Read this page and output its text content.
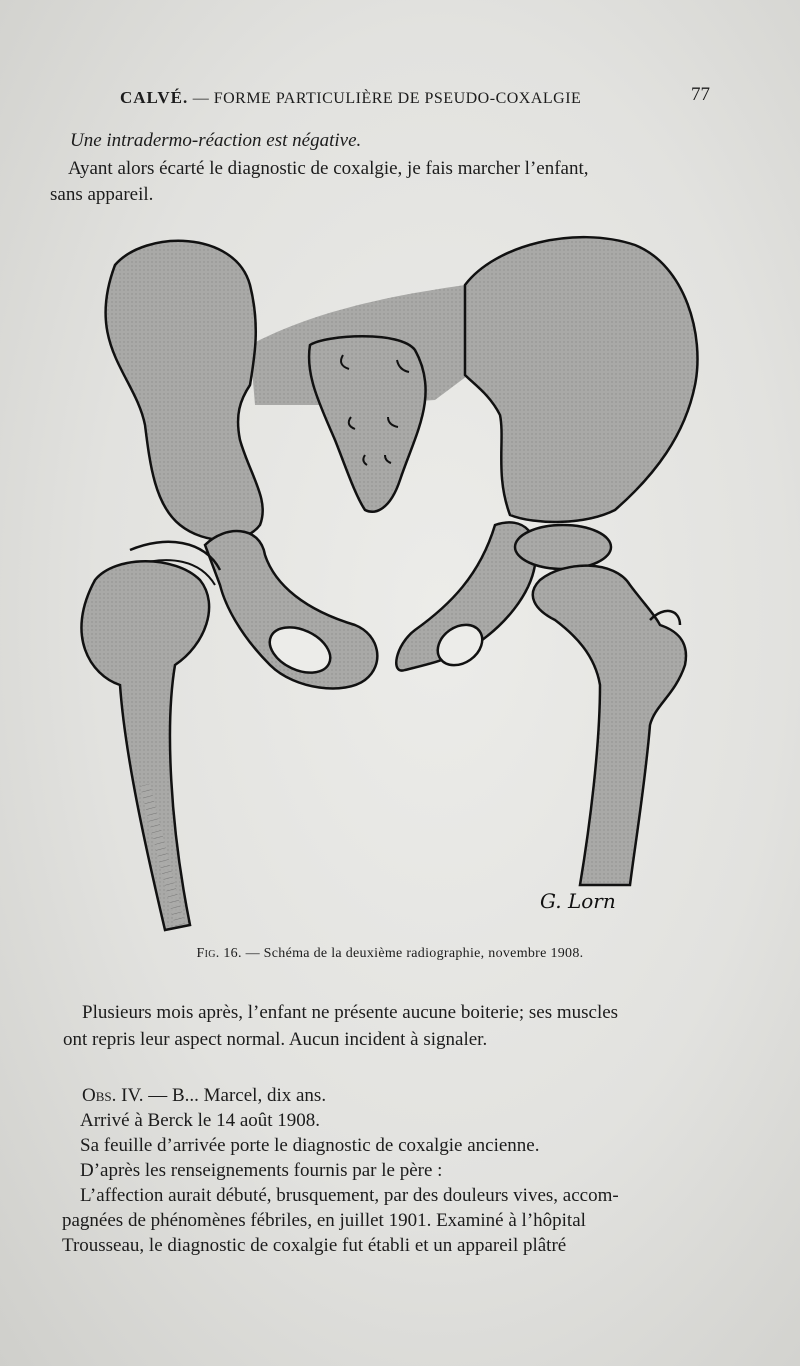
CALVÉ. — FORME PARTICULIÈRE DE PSEUDO-COXALGIE	77
Une intradermo-réaction est négative.
Ayant alors écarté le diagnostic de coxalgie, je fais marcher l’enfant,
sans appareil.
G. Lorn
Fig. 16. — Schéma de la deuxième radiographie, novembre 1908.
Plusieurs mois après, l’enfant ne présente aucune boiterie; ses muscles
ont repris leur aspect normal. Aucun incident à signaler.
Obs. IV. — B... Marcel, dix ans.
Arrivé à Berck le 14 août 1908.
Sa feuille d’arrivée porte le diagnostic de coxalgie ancienne.
D’après les renseignements fournis par le père :
L’affection aurait débuté, brusquement, par des douleurs vives, accom-
pagnées de phénomènes fébriles, en juillet 1901. Examiné à l’hôpital
Trousseau, le diagnostic de coxalgie fut établi et un appareil plâtré
